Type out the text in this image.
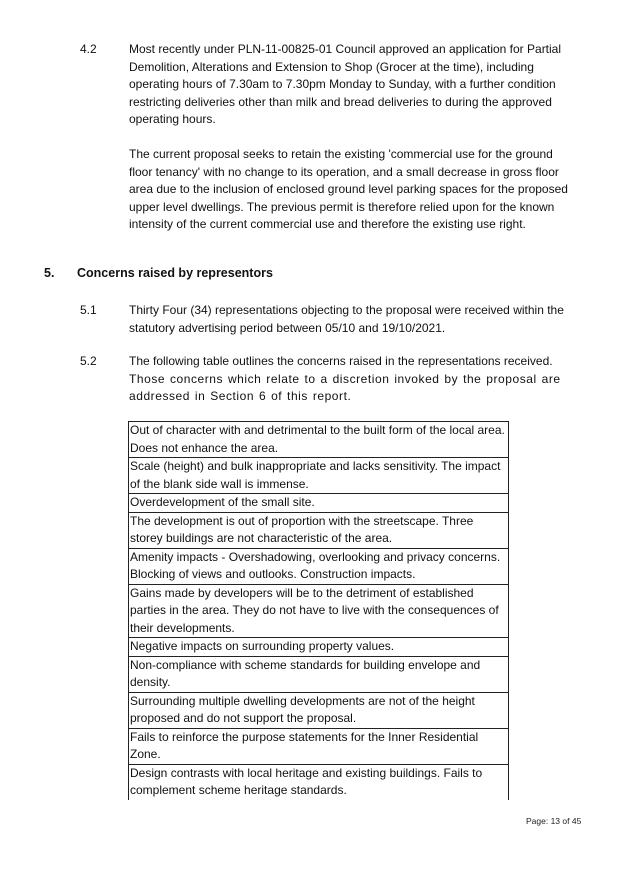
4.2	Most recently under PLN-11-00825-01 Council approved an application for Partial Demolition, Alterations and Extension to Shop (Grocer at the time), including operating hours of 7.30am to 7.30pm Monday to Sunday, with a further condition restricting deliveries other than milk and bread deliveries to during the approved operating hours.
The current proposal seeks to retain the existing 'commercial use for the ground floor tenancy' with no change to its operation, and a small decrease in gross floor area due to the inclusion of enclosed ground level parking spaces for the proposed upper level dwellings. The previous permit is therefore relied upon for the known intensity of the current commercial use and therefore the existing use right.
5. Concerns raised by representors
5.1	Thirty Four (34) representations objecting to the proposal were received within the statutory advertising period between 05/10 and 19/10/2021.
5.2	The following table outlines the concerns raised in the representations received.
Those concerns which relate to a discretion invoked by the proposal are addressed in Section 6 of this report.
Out of character with and detrimental to the built form of the local area. Does not enhance the area.
Scale (height) and bulk inappropriate and lacks sensitivity. The impact of the blank side wall is immense.
Overdevelopment of the small site.
The development is out of proportion with the streetscape. Three storey buildings are not characteristic of the area.
Amenity impacts - Overshadowing, overlooking and privacy concerns. Blocking of views and outlooks. Construction impacts.
Gains made by developers will be to the detriment of established parties in the area. They do not have to live with the consequences of their developments.
Negative impacts on surrounding property values.
Non-compliance with scheme standards for building envelope and density.
Surrounding multiple dwelling developments are not of the height proposed and do not support the proposal.
Fails to reinforce the purpose statements for the Inner Residential Zone.
Design contrasts with local heritage and existing buildings. Fails to complement scheme heritage standards.
Page: 13 of 45
